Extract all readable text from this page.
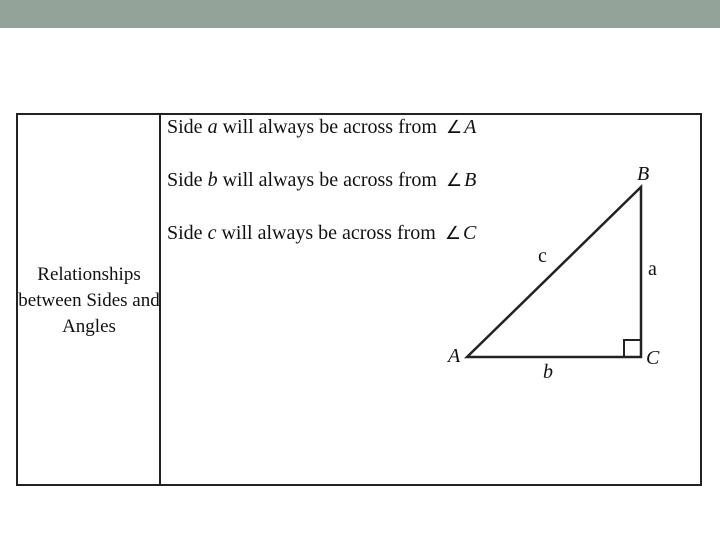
Relationships between Sides and Angles
Side a will always be across from ∠ A
Side b will always be across from ∠ B
Side c will always be across from ∠ C
B
A	C
c
a
b
